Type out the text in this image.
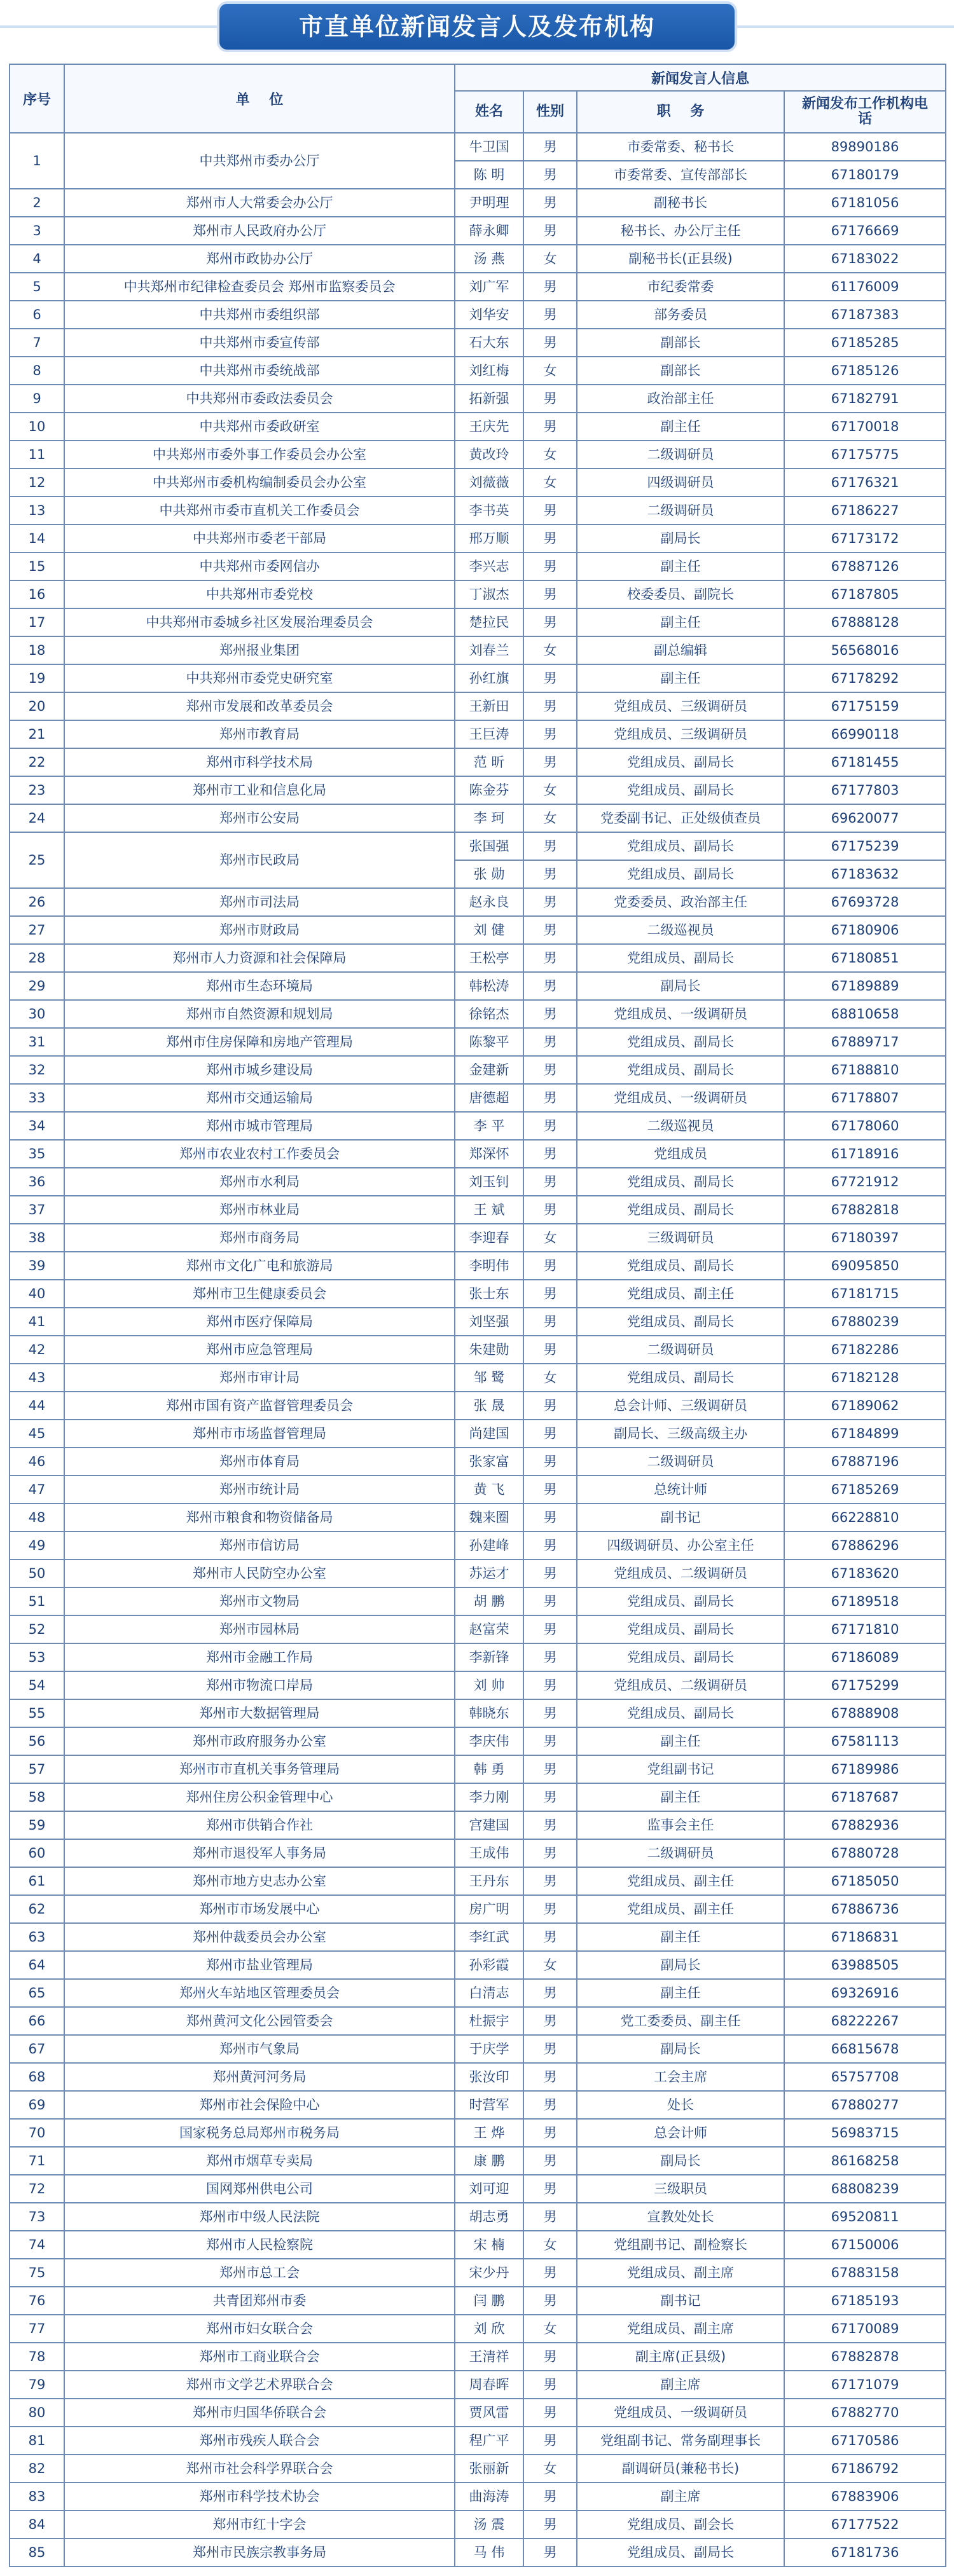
市直单位新闻发言人及发布机构
序号	单    位	新闻发言人信息			
		姓名	性别	职    务	新闻发布工作机构电话
1	中共郑州市委办公厅	牛卫国	男	市委常委、秘书长	89890186
		陈 明	男	市委常委、宣传部部长	67180179
2	郑州市人大常委会办公厅	尹明理	男	副秘书长	67181056
3	郑州市人民政府办公厅	薛永卿	男	秘书长、办公厅主任	67176669
4	郑州市政协办公厅	汤 燕	女	副秘书长(正县级)	67183022
5	中共郑州市纪律检查委员会 郑州市监察委员会	刘广军	男	市纪委常委	61176009
6	中共郑州市委组织部	刘华安	男	部务委员	67187383
7	中共郑州市委宣传部	石大东	男	副部长	67185285
8	中共郑州市委统战部	刘红梅	女	副部长	67185126
9	中共郑州市委政法委员会	拓新强	男	政治部主任	67182791
10	中共郑州市委政研室	王庆先	男	副主任	67170018
11	中共郑州市委外事工作委员会办公室	黄改玲	女	二级调研员	67175775
12	中共郑州市委机构编制委员会办公室	刘薇薇	女	四级调研员	67176321
13	中共郑州市委市直机关工作委员会	李书英	男	二级调研员	67186227
14	中共郑州市委老干部局	邢万顺	男	副局长	67173172
15	中共郑州市委网信办	李兴志	男	副主任	67887126
16	中共郑州市委党校	丁淑杰	男	校委委员、副院长	67187805
17	中共郑州市委城乡社区发展治理委员会	楚拉民	男	副主任	67888128
18	郑州报业集团	刘春兰	女	副总编辑	56568016
19	中共郑州市委党史研究室	孙红旗	男	副主任	67178292
20	郑州市发展和改革委员会	王新田	男	党组成员、三级调研员	67175159
21	郑州市教育局	王巨涛	男	党组成员、三级调研员	66990118
22	郑州市科学技术局	范 昕	男	党组成员、副局长	67181455
23	郑州市工业和信息化局	陈金芬	女	党组成员、副局长	67177803
24	郑州市公安局	李 珂	女	党委副书记、正处级侦查员	69620077
25	郑州市民政局	张国强	男	党组成员、副局长	67175239
		张 勋	男	党组成员、副局长	67183632
26	郑州市司法局	赵永良	男	党委委员、政治部主任	67693728
27	郑州市财政局	刘 健	男	二级巡视员	67180906
28	郑州市人力资源和社会保障局	王松亭	男	党组成员、副局长	67180851
29	郑州市生态环境局	韩松涛	男	副局长	67189889
30	郑州市自然资源和规划局	徐铭杰	男	党组成员、一级调研员	68810658
31	郑州市住房保障和房地产管理局	陈黎平	男	党组成员、副局长	67889717
32	郑州市城乡建设局	金建新	男	党组成员、副局长	67188810
33	郑州市交通运输局	唐德超	男	党组成员、一级调研员	67178807
34	郑州市城市管理局	李 平	男	二级巡视员	67178060
35	郑州市农业农村工作委员会	郑深怀	男	党组成员	61718916
36	郑州市水利局	刘玉钊	男	党组成员、副局长	67721912
37	郑州市林业局	王 斌	男	党组成员、副局长	67882818
38	郑州市商务局	李迎春	女	三级调研员	67180397
39	郑州市文化广电和旅游局	李明伟	男	党组成员、副局长	69095850
40	郑州市卫生健康委员会	张士东	男	党组成员、副主任	67181715
41	郑州市医疗保障局	刘坚强	男	党组成员、副局长	67880239
42	郑州市应急管理局	朱建勋	男	二级调研员	67182286
43	郑州市审计局	邹 鹭	女	党组成员、副局长	67182128
44	郑州市国有资产监督管理委员会	张 晟	男	总会计师、三级调研员	67189062
45	郑州市市场监督管理局	尚建国	男	副局长、三级高级主办	67184899
46	郑州市体育局	张家富	男	二级调研员	67887196
47	郑州市统计局	黄 飞	男	总统计师	67185269
48	郑州市粮食和物资储备局	魏来圈	男	副书记	66228810
49	郑州市信访局	孙建峰	男	四级调研员、办公室主任	67886296
50	郑州市人民防空办公室	苏运才	男	党组成员、二级调研员	67183620
51	郑州市文物局	胡 鹏	男	党组成员、副局长	67189518
52	郑州市园林局	赵富荣	男	党组成员、副局长	67171810
53	郑州市金融工作局	李新锋	男	党组成员、副局长	67186089
54	郑州市物流口岸局	刘 帅	男	党组成员、二级调研员	67175299
55	郑州市大数据管理局	韩晓东	男	党组成员、副局长	67888908
56	郑州市政府服务办公室	李庆伟	男	副主任	67581113
57	郑州市市直机关事务管理局	韩 勇	男	党组副书记	67189986
58	郑州住房公积金管理中心	李力刚	男	副主任	67187687
59	郑州市供销合作社	宫建国	男	监事会主任	67882936
60	郑州市退役军人事务局	王成伟	男	二级调研员	67880728
61	郑州市地方史志办公室	王丹东	男	党组成员、副主任	67185050
62	郑州市市场发展中心	房广明	男	党组成员、副主任	67886736
63	郑州仲裁委员会办公室	李红武	男	副主任	67186831
64	郑州市盐业管理局	孙彩霞	女	副局长	63988505
65	郑州火车站地区管理委员会	白清志	男	副主任	69326916
66	郑州黄河文化公园管委会	杜振宇	男	党工委委员、副主任	68222267
67	郑州市气象局	于庆学	男	副局长	66815678
68	郑州黄河河务局	张汝印	男	工会主席	65757708
69	郑州市社会保险中心	时营军	男	处长	67880277
70	国家税务总局郑州市税务局	王 烨	男	总会计师	56983715
71	郑州市烟草专卖局	康 鹏	男	副局长	86168258
72	国网郑州供电公司	刘可迎	男	三级职员	68808239
73	郑州市中级人民法院	胡志勇	男	宣教处处长	69520811
74	郑州市人民检察院	宋 楠	女	党组副书记、副检察长	67150006
75	郑州市总工会	宋少丹	男	党组成员、副主席	67883158
76	共青团郑州市委	闫 鹏	男	副书记	67185193
77	郑州市妇女联合会	刘 欣	女	党组成员、副主席	67170089
78	郑州市工商业联合会	王清祥	男	副主席(正县级)	67882878
79	郑州市文学艺术界联合会	周春晖	男	副主席	67171079
80	郑州市归国华侨联合会	贾风雷	男	党组成员、一级调研员	67882770
81	郑州市残疾人联合会	程广平	男	党组副书记、常务副理事长	67170586
82	郑州市社会科学界联合会	张丽新	女	副调研员(兼秘书长)	67186792
83	郑州市科学技术协会	曲海涛	男	副主席	67883906
84	郑州市红十字会	汤 震	男	党组成员、副会长	67177522
85	郑州市民族宗教事务局	马 伟	男	党组成员、副局长	67181736
